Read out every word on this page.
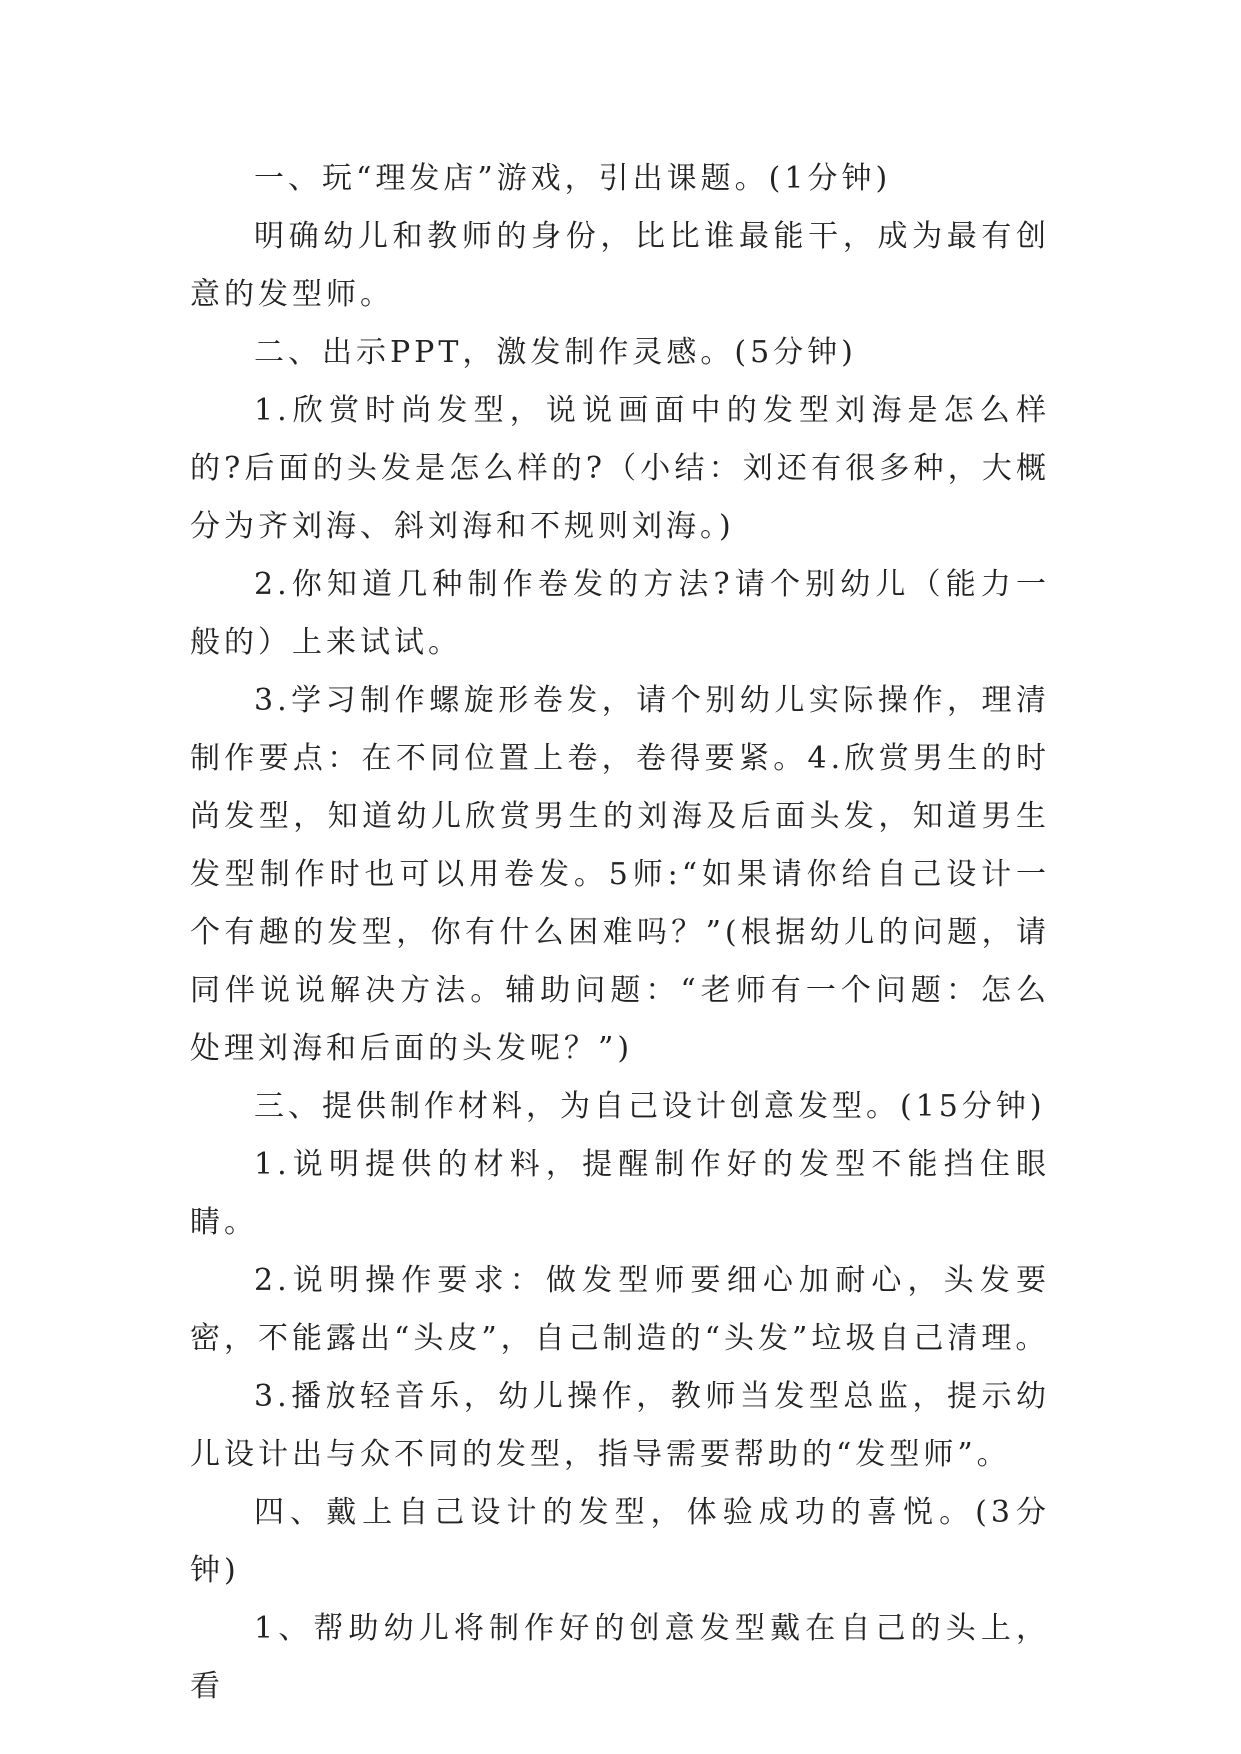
一、玩“理发店”游戏，引出课题。(1分钟)

明确幼儿和教师的身份，比比谁最能干，成为最有创意的发型师。

二、出示PPT，激发制作灵感。(5分钟)

1.欣赏时尚发型，说说画面中的发型刘海是怎么样的?后面的头发是怎么样的?（小结：刘还有很多种，大概分为齐刘海、斜刘海和不规则刘海。)

2.你知道几种制作卷发的方法?请个别幼儿（能力一般的）上来试试。

3.学习制作螺旋形卷发，请个别幼儿实际操作，理清制作要点：在不同位置上卷，卷得要紧。4.欣赏男生的时尚发型，知道幼儿欣赏男生的刘海及后面头发，知道男生发型制作时也可以用卷发。5师:“如果请你给自己设计一个有趣的发型，你有什么困难吗？”(根据幼儿的问题，请同伴说说解决方法。辅助问题：“老师有一个问题：怎么处理刘海和后面的头发呢？”)

三、提供制作材料，为自己设计创意发型。(15分钟)

1.说明提供的材料，提醒制作好的发型不能挡住眼睛。

2.说明操作要求：做发型师要细心加耐心，头发要密，不能露出“头皮”，自己制造的“头发”垃圾自己清理。

3.播放轻音乐，幼儿操作，教师当发型总监，提示幼儿设计出与众不同的发型，指导需要帮助的“发型师”。

四、戴上自己设计的发型，体验成功的喜悦。(3分钟)

1、帮助幼儿将制作好的创意发型戴在自己的头上，看
